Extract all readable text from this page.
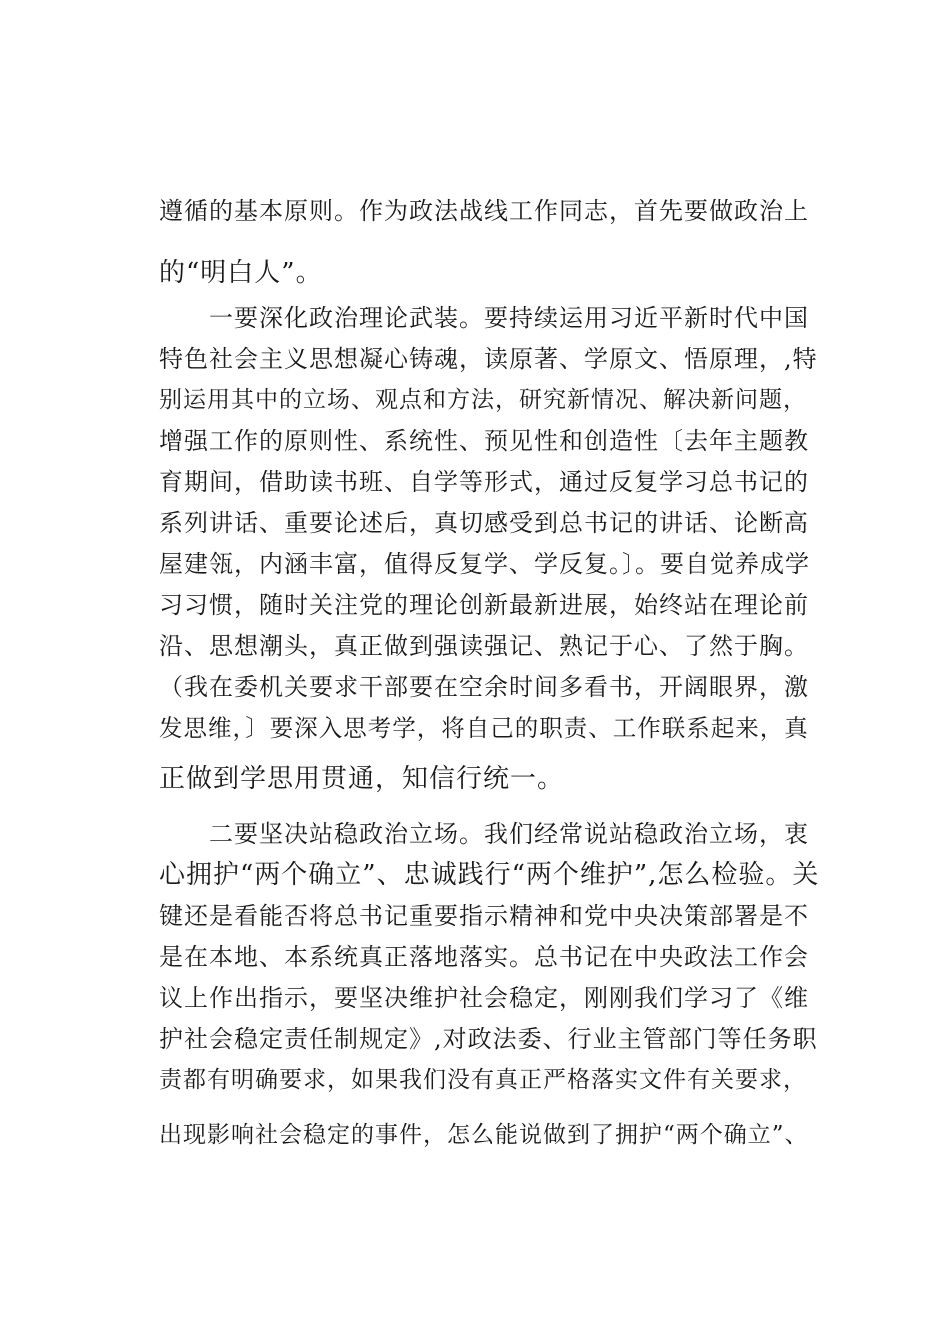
遵循的基本原则。作为政法战线工作同志，首先要做政治上
的“明白人”。
　　一要深化政治理论武装。要持续运用习近平新时代中国
特色社会主义思想凝心铸魂，读原著、学原文、悟原理，,特
别运用其中的立场、观点和方法，研究新情况、解决新问题，
增强工作的原则性、系统性、预见性和创造性〔去年主题教
育期间，借助读书班、自学等形式，通过反复学习总书记的
系列讲话、重要论述后，真切感受到总书记的讲话、论断高
屋建瓴，内涵丰富，值得反复学、学反复。〕。要自觉养成学
习习惯，随时关注党的理论创新最新进展，始终站在理论前
沿、思想潮头，真正做到强读强记、熟记于心、了然于胸。
（我在委机关要求干部要在空余时间多看书，开阔眼界，激
发思维，〕要深入思考学，将自己的职责、工作联系起来，真
正做到学思用贯通，知信行统一。
　　二要坚决站稳政治立场。我们经常说站稳政治立场，衷
心拥护“两个确立”、忠诚践行“两个维护”,怎么检验。关
键还是看能否将总书记重要指示精神和党中央决策部署是不
是在本地、本系统真正落地落实。总书记在中央政法工作会
议上作出指示，要坚决维护社会稳定，刚刚我们学习了《维
护社会稳定责任制规定》,对政法委、行业主管部门等任务职
责都有明确要求，如果我们没有真正严格落实文件有关要求，
出现影响社会稳定的事件，怎么能说做到了拥护“两个确立”、
